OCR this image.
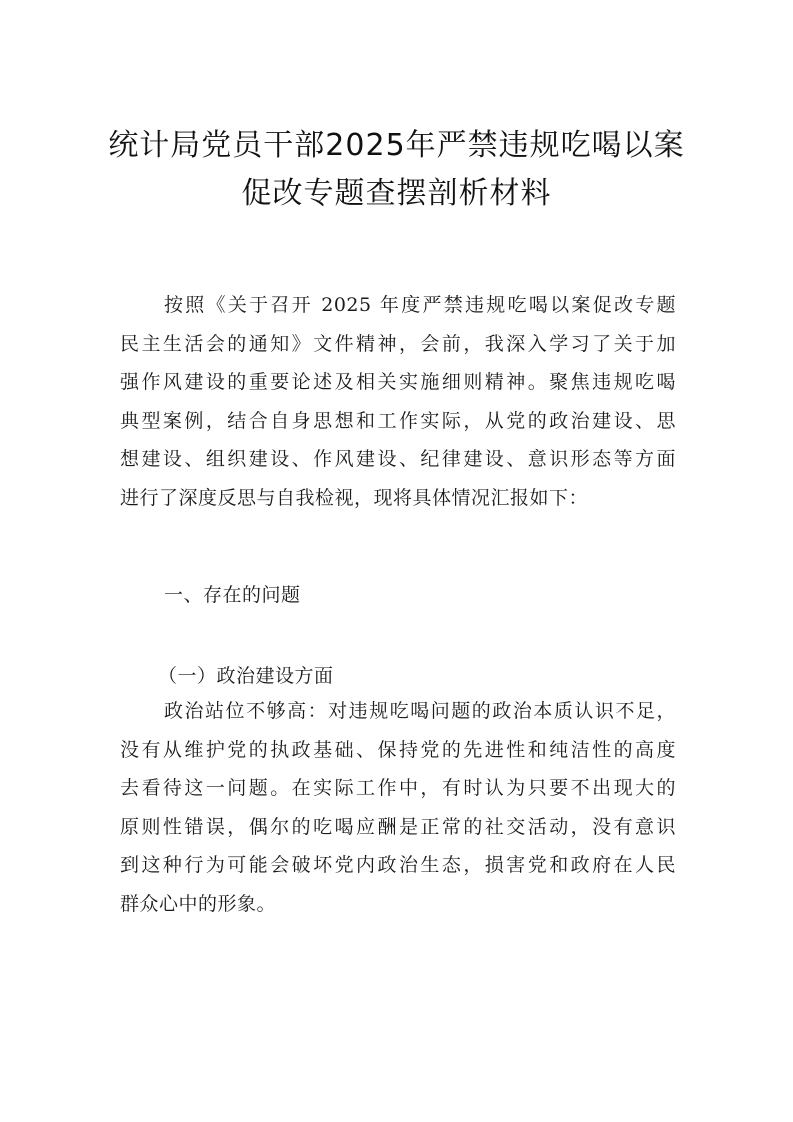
统计局党员干部2025年严禁违规吃喝以案
促改专题查摆剖析材料
按照《关于召开 2025 年度严禁违规吃喝以案促改专题
民主生活会的通知》文件精神，会前，我深入学习了关于加
强作风建设的重要论述及相关实施细则精神。聚焦违规吃喝
典型案例，结合自身思想和工作实际，从党的政治建设、思
想建设、组织建设、作风建设、纪律建设、意识形态等方面
进行了深度反思与自我检视，现将具体情况汇报如下：
一、存在的问题
（一）政治建设方面
政治站位不够高：对违规吃喝问题的政治本质认识不足，
没有从维护党的执政基础、保持党的先进性和纯洁性的高度
去看待这一问题。在实际工作中，有时认为只要不出现大的
原则性错误，偶尔的吃喝应酬是正常的社交活动，没有意识
到这种行为可能会破坏党内政治生态，损害党和政府在人民
群众心中的形象。
